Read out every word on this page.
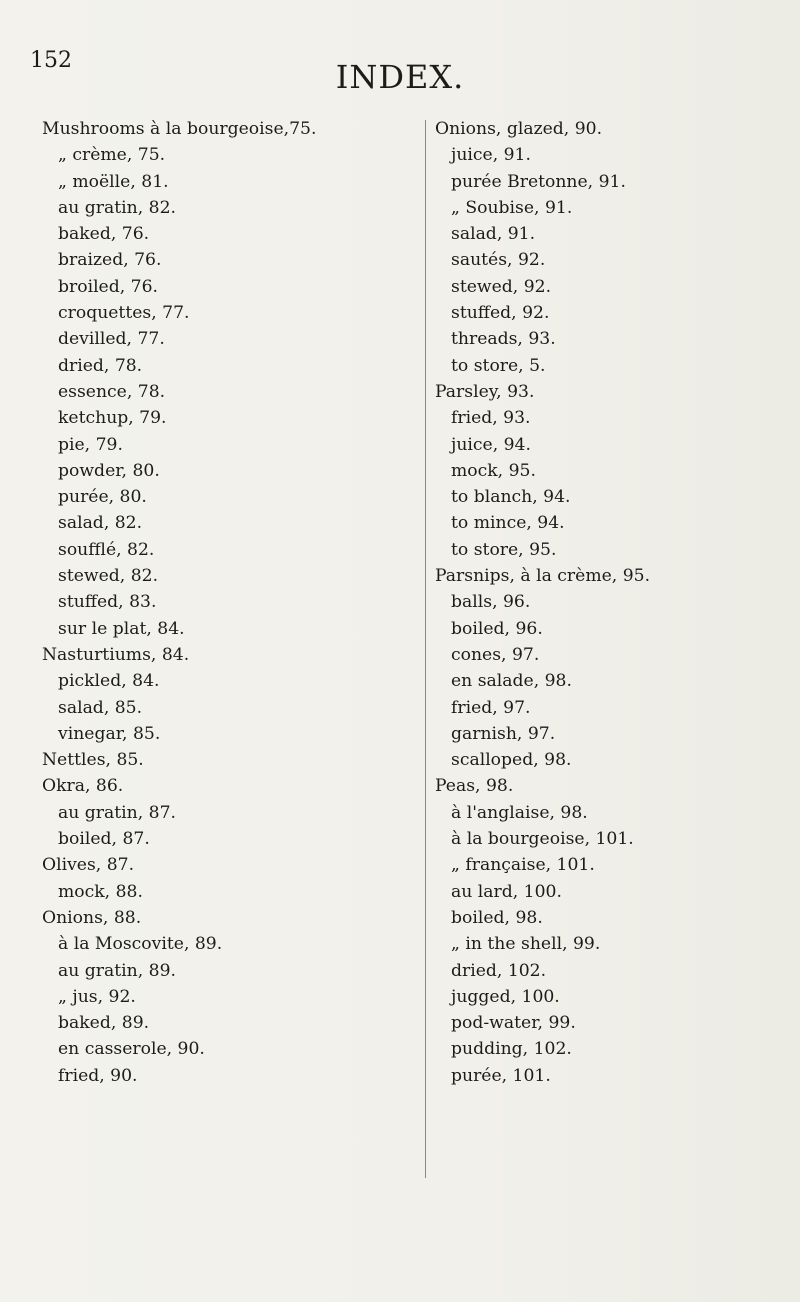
152	INDEX.
Mushrooms à la bourgeoise,75.
„ crème, 75.
„ moëlle, 81.
au gratin, 82.
baked, 76.
braized, 76.
broiled, 76.
croquettes, 77.
devilled, 77.
dried, 78.
essence, 78.
ketchup, 79.
pie, 79.
powder, 80.
purée, 80.
salad, 82.
soufflé, 82.
stewed, 82.
stuffed, 83.
sur le plat, 84.
Nasturtiums, 84.
pickled, 84.
salad, 85.
vinegar, 85.
Nettles, 85.
Okra, 86.
au gratin, 87.
boiled, 87.
Olives, 87.
mock, 88.
Onions, 88.
à la Moscovite, 89.
au gratin, 89.
„ jus, 92.
baked, 89.
en casserole, 90.
fried, 90.
Onions, glazed, 90.
juice, 91.
purée Bretonne, 91.
„ Soubise, 91.
salad, 91.
sautés, 92.
stewed, 92.
stuffed, 92.
threads, 93.
to store, 5.
Parsley, 93.
fried, 93.
juice, 94.
mock, 95.
to blanch, 94.
to mince, 94.
to store, 95.
Parsnips, à la crème, 95.
balls, 96.
boiled, 96.
cones, 97.
en salade, 98.
fried, 97.
garnish, 97.
scalloped, 98.
Peas, 98.
à l'anglaise, 98.
à la bourgeoise, 101.
„ française, 101.
au lard, 100.
boiled, 98.
„ in the shell, 99.
dried, 102.
jugged, 100.
pod-water, 99.
pudding, 102.
purée, 101.
